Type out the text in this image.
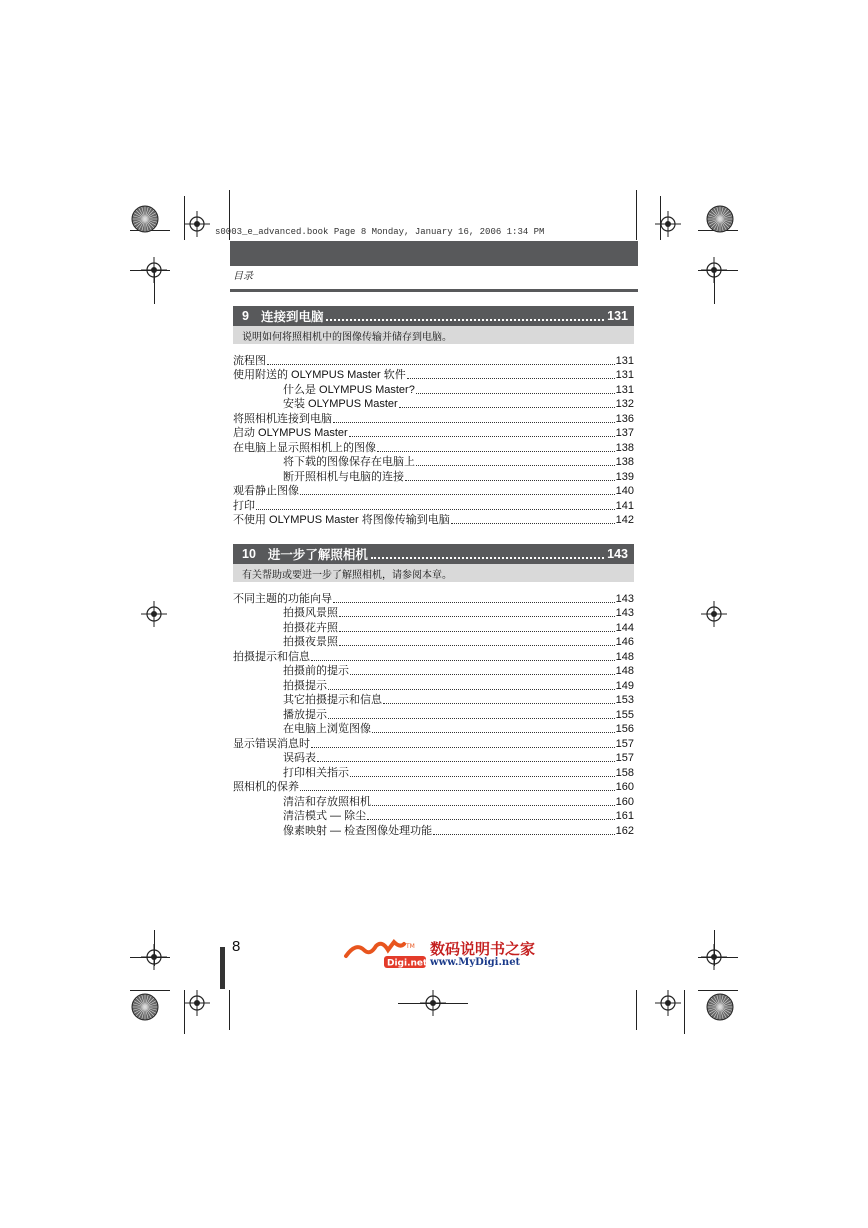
s0003_e_advanced.book Page 8 Monday, January 16, 2006 1:34 PM
目录
9 连接到电脑	131
说明如何将照相机中的图像传输并储存到电脑。
流程图	131
使用附送的 OLYMPUS Master 软件	131
什么是 OLYMPUS Master?	131
安装 OLYMPUS Master	132
将照相机连接到电脑	136
启动 OLYMPUS Master	137
在电脑上显示照相机上的图像	138
将下载的图像保存在电脑上	138
断开照相机与电脑的连接	139
观看静止图像	140
打印	141
不使用 OLYMPUS Master 将图像传输到电脑	142
10 进一步了解照相机	143
有关帮助或要进一步了解照相机，请参阅本章。
不同主题的功能向导	143
拍摄风景照	143
拍摄花卉照	144
拍摄夜景照	146
拍摄提示和信息	148
拍摄前的提示	148
拍摄提示	149
其它拍摄提示和信息	153
播放提示	155
在电脑上浏览图像	156
显示错误消息时	157
误码表	157
打印相关指示	158
照相机的保养	160
清洁和存放照相机	160
清洁模式 — 除尘	161
像素映射 — 检查图像处理功能	162
8	TM
Digi.net
数码说明书之家
www.MyDigi.net
